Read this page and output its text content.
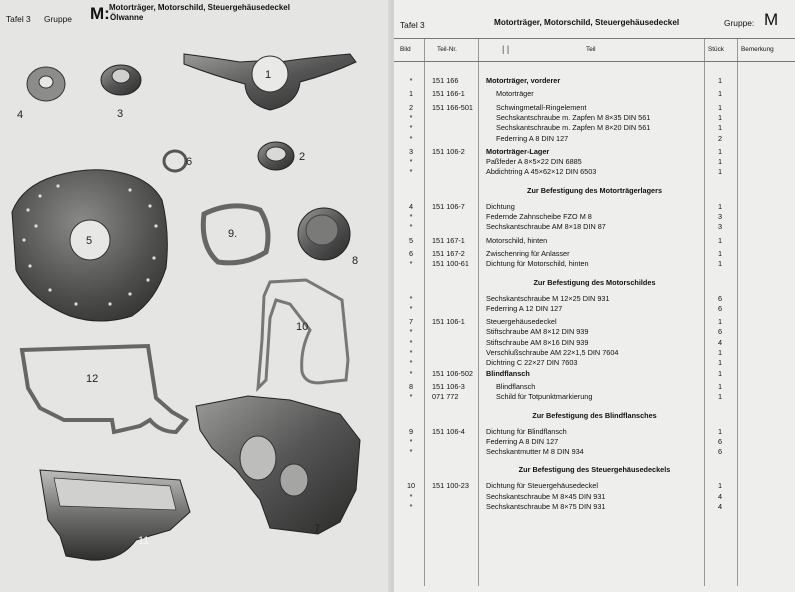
1
2
3
4
6
5
9.
8
10
12
7
11
Tafel 3 Gruppe M: Motorträger, Motorschild, Steuergehäusedeckel
Ölwanne
Tafel 3	Motorträger, Motorschild, Steuergehäusedeckel	Gruppe: M
Bild	Teil-Nr.	| |	Teil	Stück	Bemerkung
*	151 166	Motorträger, vorderer	1
1	151 166-1	Motorträger	1
2	151 166-501	Schwingmetall-Ringelement	1
*	Sechskantschraube m. Zapfen M 8×35 DIN 561	1
*	Sechskantschraube m. Zapfen M 8×20 DIN 561	1
*	Federring A 8 DIN 127	2
3	151 106-2	Motorträger-Lager	1
*	Paßfeder A 8×5×22 DIN 6885	1
*	Abdichtring A 45×62×12 DIN 6503	1
Zur Befestigung des Motorträgerlagers
4	151 106-7	Dichtung	1
*	Federnde Zahnscheibe FZO M 8	3
*	Sechskantschraube AM 8×18 DIN 87	3
5	151 167-1	Motorschild, hinten	1
6	151 167-2	Zwischenring für Anlasser	1
*	151 100-61 Dichtung für Motorschild, hinten	1
Zur Befestigung des Motorschildes
*	Sechskantschraube M 12×25 DIN 931	6
*	Federring A 12 DIN 127	6
7	151 106-1	Steuergehäusedeckel	1
*	Stiftschraube AM 8×12 DIN 939	6
*	Stiftschraube AM 8×16 DIN 939	4
*	Verschlußschraube AM 22×1,5 DIN 7604	1
*	Dichtring C 22×27 DIN 7603	1
*	151 106-502 Blindflansch	1
8	151 106-3	Blindflansch	1
*	071 772	Schild für Totpunktmarkierung	1
Zur Befestigung des Blindflansches
9	151 106-4	Dichtung für Blindflansch	1
*	Federring A 8 DIN 127	6
*	Sechskantmutter M 8 DIN 934	6
Zur Befestigung des Steuergehäusedeckels
10	151 100-23 Dichtung für Steuergehäusedeckel	1
*	Sechskantschraube M 8×45 DIN 931	4
*	Sechskantschraube M 8×75 DIN 931	4
